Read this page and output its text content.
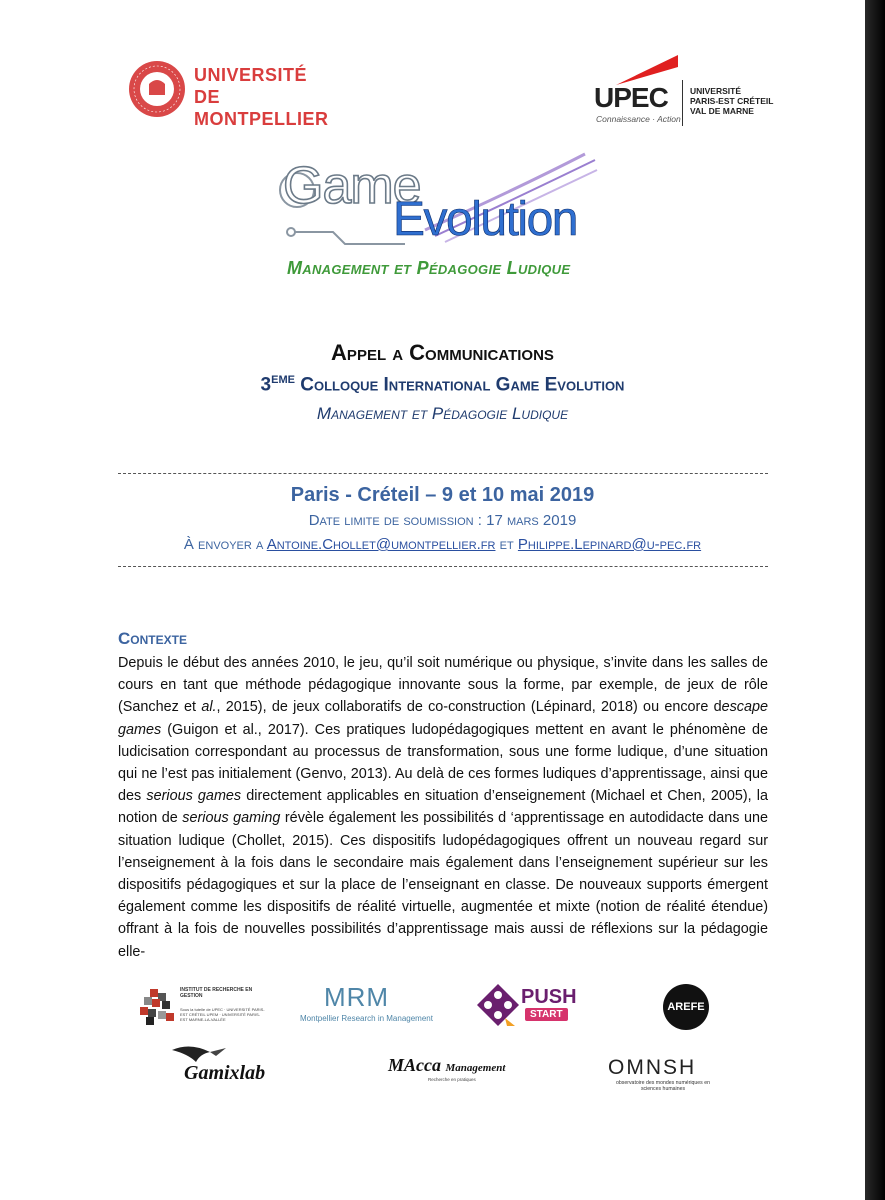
UNIVERSITÉ
DE MONTPELLIER
UPEC
Connaissance · Action
UNIVERSITÉ
PARIS-EST CRÉTEIL
VAL DE MARNE
Game
Evolution
Management et Pédagogie Ludique
Appel a Communications
3EME Colloque International Game Evolution
Management et Pédagogie Ludique
Paris - Créteil – 9 et 10 mai 2019
Date limite de soumission : 17 mars 2019
À envoyer a Antoine.Chollet@umontpellier.fr et Philippe.Lepinard@u-pec.fr
Contexte

Depuis le début des années 2010, le jeu, qu’il soit numérique ou physique, s’invite dans les salles de cours en tant que méthode pédagogique innovante sous la forme, par exemple, de jeux de rôle (Sanchez et al., 2015), de jeux collaboratifs de co-construction (Lépinard, 2018) ou encore descape games (Guigon et al., 2017). Ces pratiques ludopédagogiques mettent en avant le phénomène de ludicisation correspondant au processus de transformation, sous une forme ludique, d’une situation qui ne l’est pas initialement (Genvo, 2013). Au delà de ces formes ludiques d’apprentissage, ainsi que des serious games directement applicables en situation d’enseignement (Michael et Chen, 2005), la notion de serious gaming révèle également les possibilités d ‘apprentissage en autodidacte dans une situation ludique (Chollet, 2015). Ces dispositifs ludopédagogiques offrent un nouveau regard sur l’enseignement à la fois dans le secondaire mais également dans l’enseignement supérieur sur les dispositifs pédagogiques et sur la place de l’enseignant en classe. De nouveaux supports émergent également comme les dispositifs de réalité virtuelle, augmentée et mixte (notion de réalité étendue) offrant à la fois de nouvelles possibilités d’apprentissage mais aussi de réflexions sur la pédagogie elle-

INSTITUT DE RECHERCHE EN GESTION
Sous la tutelle de UPEC · UNIVERSITÉ PARIS-EST CRÉTEIL UPEM · UNIVERSITÉ PARIS-EST MARNE-LA-VALLÉE
MRM
Montpellier Research in Management
PUSH
START
AREFE
Gamixlab	MAcca Management
Recherche en pratiques
OMNSH
observatoire des mondes numériques en sciences humaines
